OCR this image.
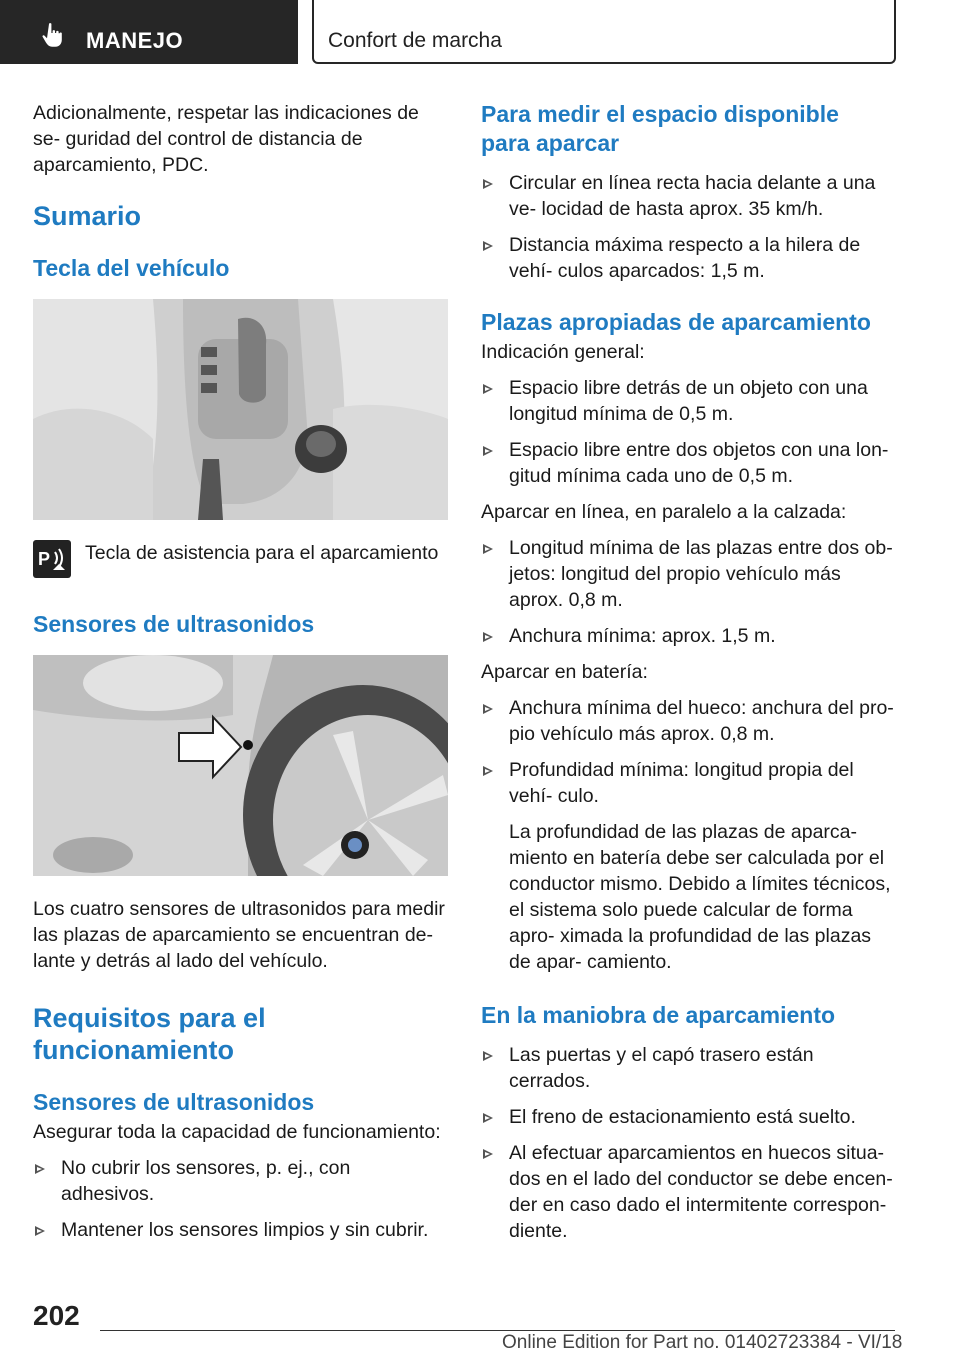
MANEJO	Confort de marcha

Adicionalmente, respetar las indicaciones de se‐ guridad del control de distancia de aparcamiento, PDC.

Sumario
Tecla del vehículo
P Tecla de asistencia para el aparcamiento

Sensores de ultrasonidos

Los cuatro sensores de ultrasonidos para medir las plazas de aparcamiento se encuentran de‐ lante y detrás al lado del vehículo.

Requisitos para el funcionamiento
Sensores de ultrasonidos

Asegurar toda la capacidad de funcionamiento:

No cubrir los sensores, p. ej., con adhesivos.
Mantener los sensores limpios y sin cubrir.
Para medir el espacio disponible para aparcar
Circular en línea recta hacia delante a una ve‐ locidad de hasta aprox. 35 km/h.
Distancia máxima respecto a la hilera de vehí‐ culos aparcados: 1,5 m.
Plazas apropiadas de aparcamiento

Indicación general:

Espacio libre detrás de un objeto con una longitud mínima de 0,5 m.
Espacio libre entre dos objetos con una lon‐ gitud mínima cada uno de 0,5 m.

Aparcar en línea, en paralelo a la calzada:

Longitud mínima de las plazas entre dos ob‐ jetos: longitud del propio vehículo más aprox. 0,8 m.
Anchura mínima: aprox. 1,5 m.

Aparcar en batería:

Anchura mínima del hueco: anchura del pro‐ pio vehículo más aprox. 0,8 m.
Profundidad mínima: longitud propia del vehí‐ culo.

La profundidad de las plazas de aparca‐ miento en batería debe ser calculada por el conductor mismo. Debido a límites técnicos, el sistema solo puede calcular de forma apro‐ ximada la profundidad de las plazas de apar‐ camiento.

En la maniobra de aparcamiento
Las puertas y el capó trasero están cerrados.
El freno de estacionamiento está suelto.
Al efectuar aparcamientos en huecos situa‐ dos en el lado del conductor se debe encen‐ der en caso dado el intermitente correspon‐ diente.
202
Online Edition for Part no. 01402723384 - VI/18
